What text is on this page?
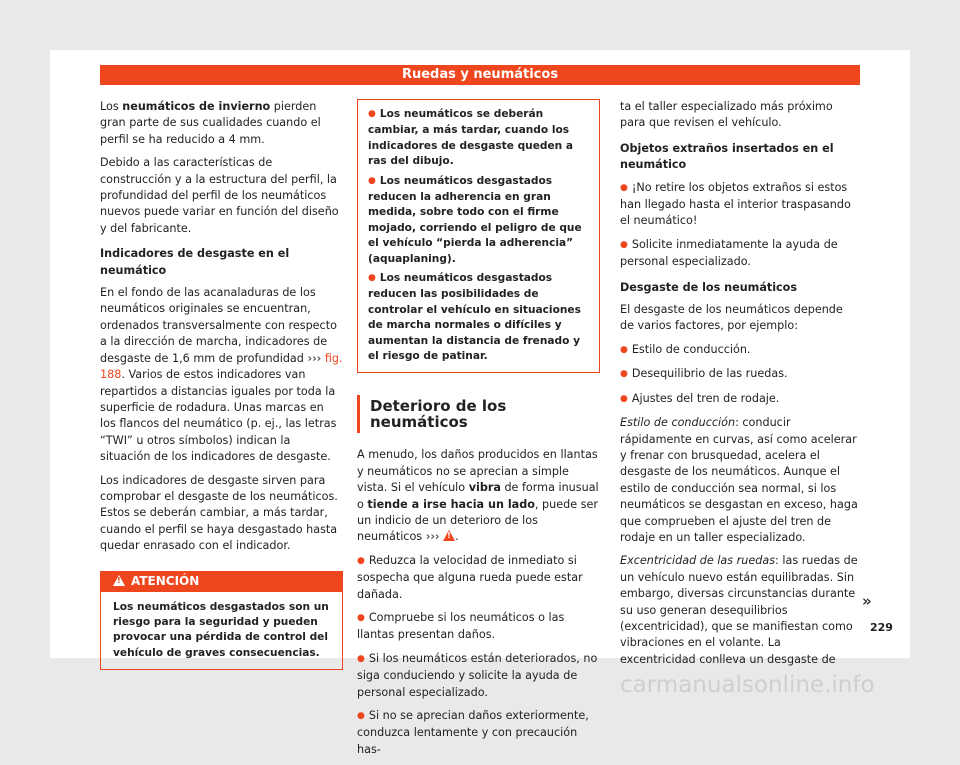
Ruedas y neumáticos

Los neumáticos de invierno pierden gran parte de sus cualidades cuando el perfil se ha reducido a 4 mm.

Debido a las características de construcción y a la estructura del perfil, la profundidad del perfil de los neumáticos nuevos puede variar en función del diseño y del fabricante.

Indicadores de desgaste en el neumático

En el fondo de las acanaladuras de los neumáticos originales se encuentran, ordenados transversalmente con respecto a la dirección de marcha, indicadores de desgaste de 1,6 mm de profundidad ››› fig. 188. Varios de estos indicadores van repartidos a distancias iguales por toda la superficie de rodadura. Unas marcas en los flancos del neumático (p. ej., las letras “TWI” u otros símbolos) indican la situación de los indicadores de desgaste.

Los indicadores de desgaste sirven para comprobar el desgaste de los neumáticos. Estos se deberán cambiar, a más tardar, cuando el perfil se haya desgastado hasta quedar enrasado con el indicador.

!ATENCIÓN
Los neumáticos desgastados son un riesgo para la seguridad y pueden provocar una pérdida de control del vehículo de graves consecuencias.

● Los neumáticos se deberán cambiar, a más tardar, cuando los indicadores de desgaste queden a ras del dibujo.

● Los neumáticos desgastados reducen la adherencia en gran medida, sobre todo con el firme mojado, corriendo el peligro de que el vehículo “pierda la adherencia” (aquaplaning).

● Los neumáticos desgastados reducen las posibilidades de controlar el vehículo en situaciones de marcha normales o difíciles y aumentan la distancia de frenado y el riesgo de patinar.

Deterioro de los neumáticos

A menudo, los daños producidos en llantas y neumáticos no se aprecian a simple vista. Si el vehículo vibra de forma inusual o tiende a irse hacia un lado, puede ser un indicio de un deterioro de los neumáticos ››› ! .

● Reduzca la velocidad de inmediato si sospecha que alguna rueda puede estar dañada.

● Compruebe si los neumáticos o las llantas presentan daños.

● Si los neumáticos están deteriorados, no siga conduciendo y solicite la ayuda de personal especializado.

● Si no se aprecian daños exteriormente, conduzca lentamente y con precaución has-

ta el taller especializado más próximo para que revisen el vehículo.

Objetos extraños insertados en el neumático

● ¡No retire los objetos extraños si estos han llegado hasta el interior traspasando el neumático!

● Solicite inmediatamente la ayuda de personal especializado.

Desgaste de los neumáticos

El desgaste de los neumáticos depende de varios factores, por ejemplo:

● Estilo de conducción.

● Desequilibrio de las ruedas.

● Ajustes del tren de rodaje.

Estilo de conducción: conducir rápidamente en curvas, así como acelerar y frenar con brusquedad, acelera el desgaste de los neumáticos. Aunque el estilo de conducción sea normal, si los neumáticos se desgastan en exceso, haga que comprueben el ajuste del tren de rodaje en un taller especializado.

Excentricidad de las ruedas: las ruedas de un vehículo nuevo están equilibradas. Sin embargo, diversas circunstancias durante su uso generan desequilibrios (excentricidad), que se manifiestan como vibraciones en el volante. La excentricidad conlleva un desgaste de

»
229
carmanualsonline.info
